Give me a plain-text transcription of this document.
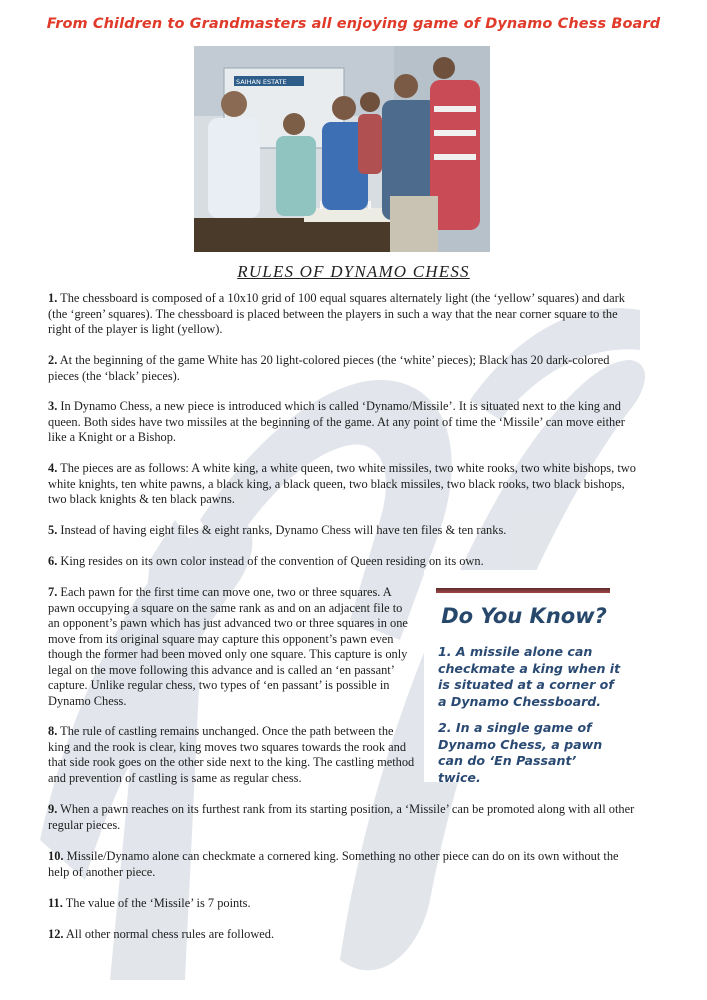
From Children to Grandmasters all enjoying game of Dynamo Chess Board

SAIHAN ESTATE

RULES OF DYNAMO CHESS

1. The chessboard is composed of a 10x10 grid of 100 equal squares alternately light (the ‘yellow’ squares) and dark (the ‘green’ squares). The chessboard is placed between the players in such a way that the near corner square to the right of the player is light (yellow).

2. At the beginning of the game White has 20 light-colored pieces (the ‘white’ pieces); Black has 20 dark-colored pieces (the ‘black’ pieces).

3. In Dynamo Chess, a new piece is introduced which is called ‘Dynamo/Missile’. It is situated next to the king and queen. Both sides have two missiles at the beginning of the game. At any point of time the ‘Missile’ can move either like a Knight or a Bishop.

4. The pieces are as follows: A white king, a white queen, two white missiles, two white rooks, two white bishops, two white knights, ten white pawns, a black king, a black queen, two black missiles, two black rooks, two black bishops, two black knights & ten black pawns.

5. Instead of having eight files & eight ranks, Dynamo Chess will have ten files & ten ranks.

6. King resides on its own color instead of the convention of Queen residing on its own.

7. Each pawn for the first time can move one, two or three squares. A pawn occupying a square on the same rank as and on an adjacent file to an opponent’s pawn which has just advanced two or three squares in one move from its original square may capture this opponent’s pawn even though the former had been moved only one square. This capture is only legal on the move following this advance and is called an ‘en passant’ capture. Unlike regular chess, two types of ‘en passant’ is possible in Dynamo Chess.

8. The rule of castling remains unchanged. Once the path between the king and the rook is clear, king moves two squares towards the rook and that side rook goes on the other side next to the king. The castling method and prevention of castling is same as regular chess.

9. When a pawn reaches on its furthest rank from its starting position, a ‘Missile’ can be promoted along with all other regular pieces.

10. Missile/Dynamo alone can checkmate a cornered king. Something no other piece can do on its own without the help of another piece.

11. The value of the ‘Missile’ is 7 points.

12. All other normal chess rules are followed.

Do You Know?

1. A missile alone can checkmate a king when it is situated at a corner of a Dynamo Chessboard.

2. In a single game of Dynamo Chess, a pawn can do ‘En Passant’ twice.
